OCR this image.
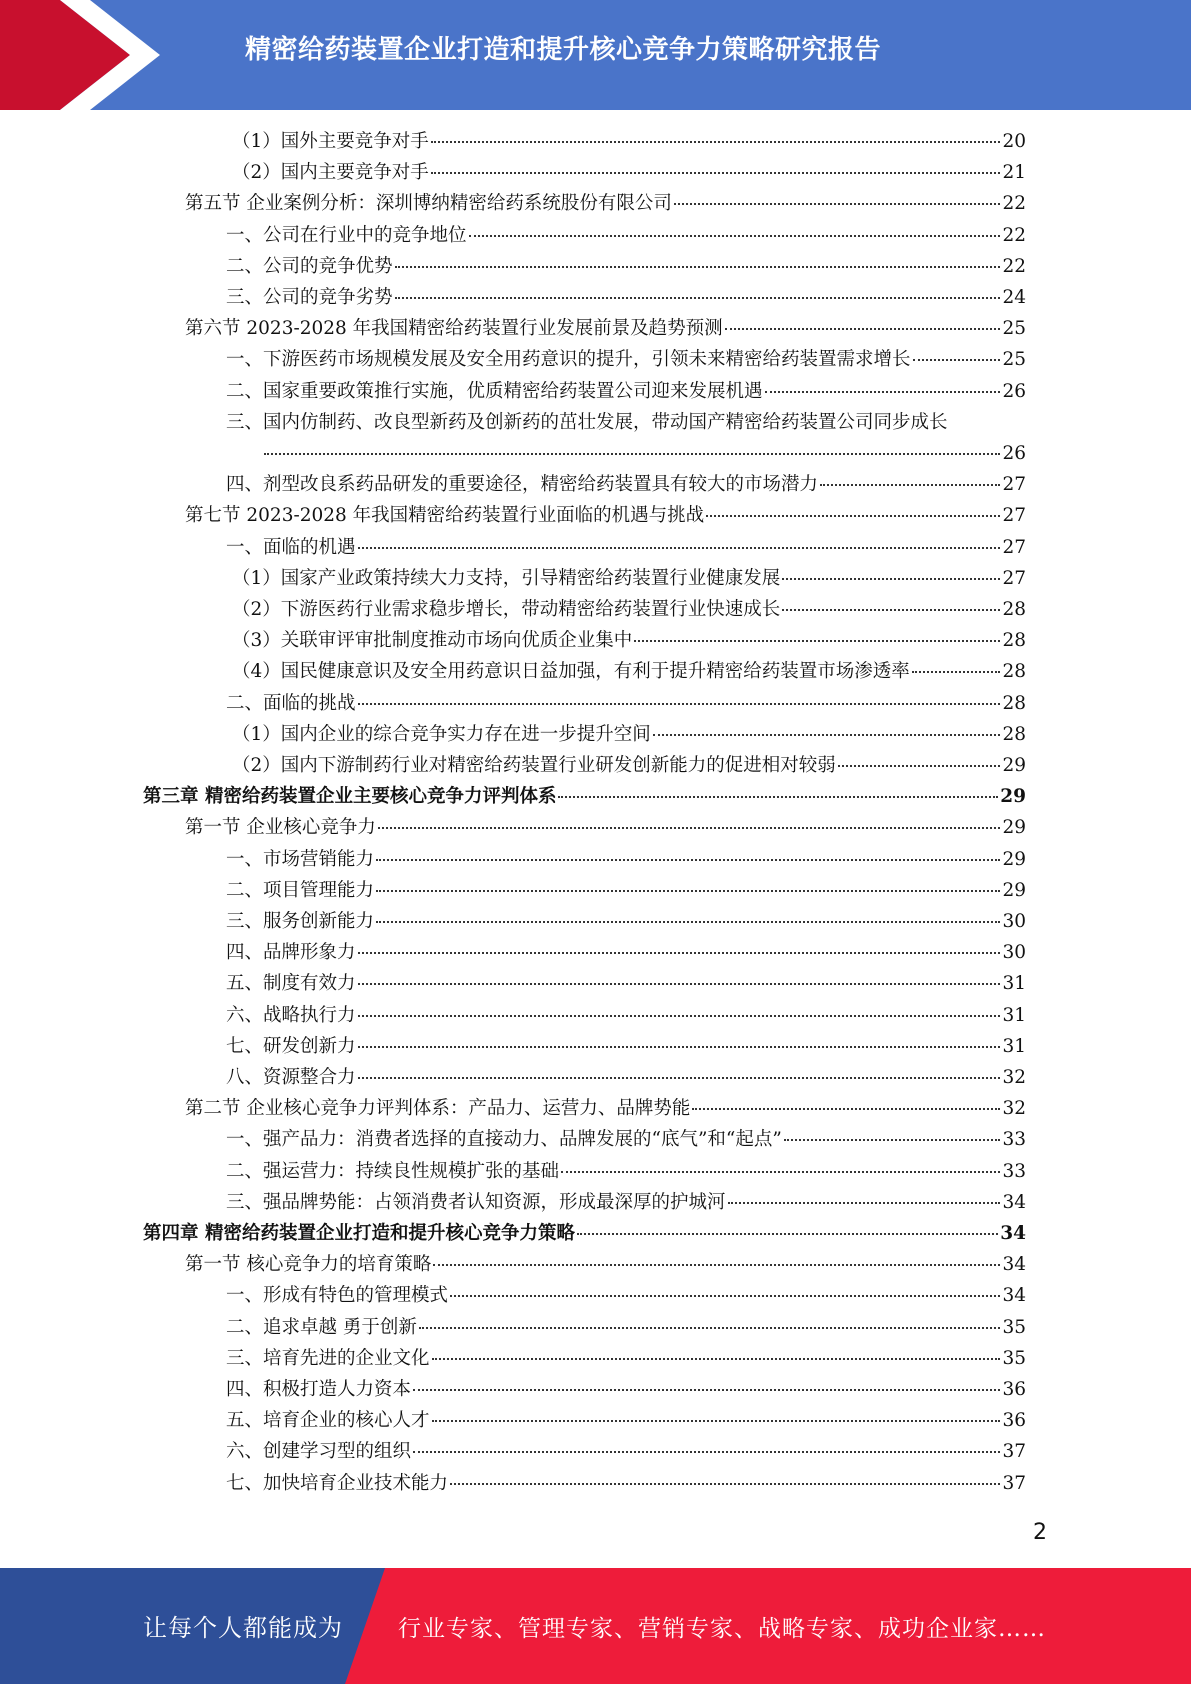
精密给药装置企业打造和提升核心竞争力策略研究报告
（1）国外主要竞争对手	20
（2）国内主要竞争对手	21
第五节 企业案例分析：深圳博纳精密给药系统股份有限公司	22
一、公司在行业中的竞争地位	22
二、公司的竞争优势	22
三、公司的竞争劣势	24
第六节 2023-2028 年我国精密给药装置行业发展前景及趋势预测	25
一、下游医药市场规模发展及安全用药意识的提升，引领未来精密给药装置需求增长	25
二、国家重要政策推行实施，优质精密给药装置公司迎来发展机遇	26
三、国内仿制药、改良型新药及创新药的茁壮发展，带动国产精密给药装置公司同步成长
26
四、剂型改良系药品研发的重要途径，精密给药装置具有较大的市场潜力	27
第七节 2023-2028 年我国精密给药装置行业面临的机遇与挑战	27
一、面临的机遇	27
（1）国家产业政策持续大力支持，引导精密给药装置行业健康发展	27
（2）下游医药行业需求稳步增长，带动精密给药装置行业快速成长	28
（3）关联审评审批制度推动市场向优质企业集中	28
（4）国民健康意识及安全用药意识日益加强，有利于提升精密给药装置市场渗透率	28
二、面临的挑战	28
（1）国内企业的综合竞争实力存在进一步提升空间	28
（2）国内下游制药行业对精密给药装置行业研发创新能力的促进相对较弱	29
第三章 精密给药装置企业主要核心竞争力评判体系	29
第一节 企业核心竞争力	29
一、市场营销能力	29
二、项目管理能力	29
三、服务创新能力	30
四、品牌形象力	30
五、制度有效力	31
六、战略执行力	31
七、研发创新力	31
八、资源整合力	32
第二节 企业核心竞争力评判体系：产品力、运营力、品牌势能	32
一、强产品力：消费者选择的直接动力、品牌发展的“底气”和“起点”	33
二、强运营力：持续良性规模扩张的基础	33
三、强品牌势能：占领消费者认知资源，形成最深厚的护城河	34
第四章 精密给药装置企业打造和提升核心竞争力策略	34
第一节 核心竞争力的培育策略	34
一、形成有特色的管理模式	34
二、追求卓越 勇于创新	35
三、培育先进的企业文化	35
四、积极打造人力资本	36
五、培育企业的核心人才	36
六、创建学习型的组织	37
七、加快培育企业技术能力	37
2
让每个人都能成为 行业专家、管理专家、营销专家、战略专家、成功企业家……
